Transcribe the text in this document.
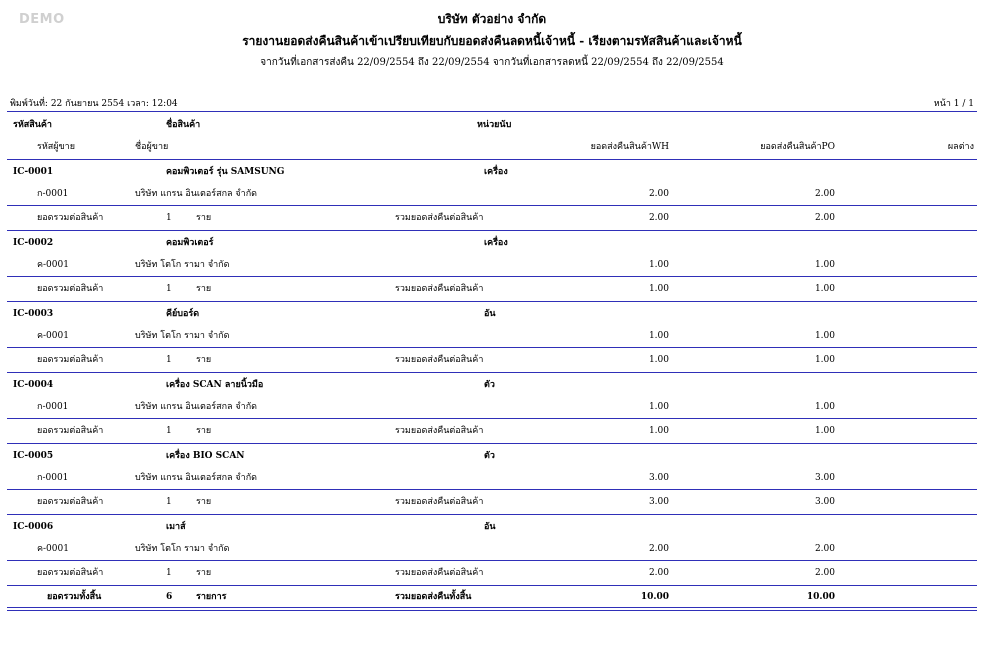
DEMO	บริษัท ตัวอย่าง จำกัด
รายงานยอดส่งคืนสินค้าเข้าเปรียบเทียบกับยอดส่งคืนลดหนี้เจ้าหนี้ - เรียงตามรหัสสินค้าและเจ้าหนี้
จากวันที่เอกสารส่งคืน 22/09/2554 ถึง 22/09/2554 จากวันที่เอกสารลดหนี้ 22/09/2554 ถึง 22/09/2554
พิมพ์วันที่: 22 กันยายน 2554 เวลา: 12:04	หน้า 1 / 1
รหัสสินค้า	ชื่อสินค้า	หน่วยนับ
รหัสผู้ขาย	ชื่อผู้ขาย	ยอดส่งคืนสินค้าWH	ยอดส่งคืนสินค้าPO	ผลต่าง
IC-0001	คอมพิวเตอร์ รุ่น SAMSUNG	เครื่อง
ก-0001	บริษัท แกรน อินเตอร์สกล จำกัด	2.00	2.00
ยอดรวมต่อสินค้า	1	ราย	รวมยอดส่งคืนต่อสินค้า	2.00	2.00
IC-0002	คอมพิวเตอร์	เครื่อง
ค-0001	บริษัท โตโก รามา จำกัด	1.00	1.00
ยอดรวมต่อสินค้า	1	ราย	รวมยอดส่งคืนต่อสินค้า	1.00	1.00
IC-0003	คีย์บอร์ด	อัน
ค-0001	บริษัท โตโก รามา จำกัด	1.00	1.00
ยอดรวมต่อสินค้า	1	ราย	รวมยอดส่งคืนต่อสินค้า	1.00	1.00
IC-0004	เครื่อง SCAN ลายนิ้วมือ	ตัว
ก-0001	บริษัท แกรน อินเตอร์สกล จำกัด	1.00	1.00
ยอดรวมต่อสินค้า	1	ราย	รวมยอดส่งคืนต่อสินค้า	1.00	1.00
IC-0005	เครื่อง BIO SCAN	ตัว
ก-0001	บริษัท แกรน อินเตอร์สกล จำกัด	3.00	3.00
ยอดรวมต่อสินค้า	1	ราย	รวมยอดส่งคืนต่อสินค้า	3.00	3.00
IC-0006	เมาส์	อัน
ค-0001	บริษัท โตโก รามา จำกัด	2.00	2.00
ยอดรวมต่อสินค้า	1	ราย	รวมยอดส่งคืนต่อสินค้า	2.00	2.00
ยอดรวมทั้งสิ้น	6	รายการ	รวมยอดส่งคืนทั้งสิ้น	10.00	10.00
